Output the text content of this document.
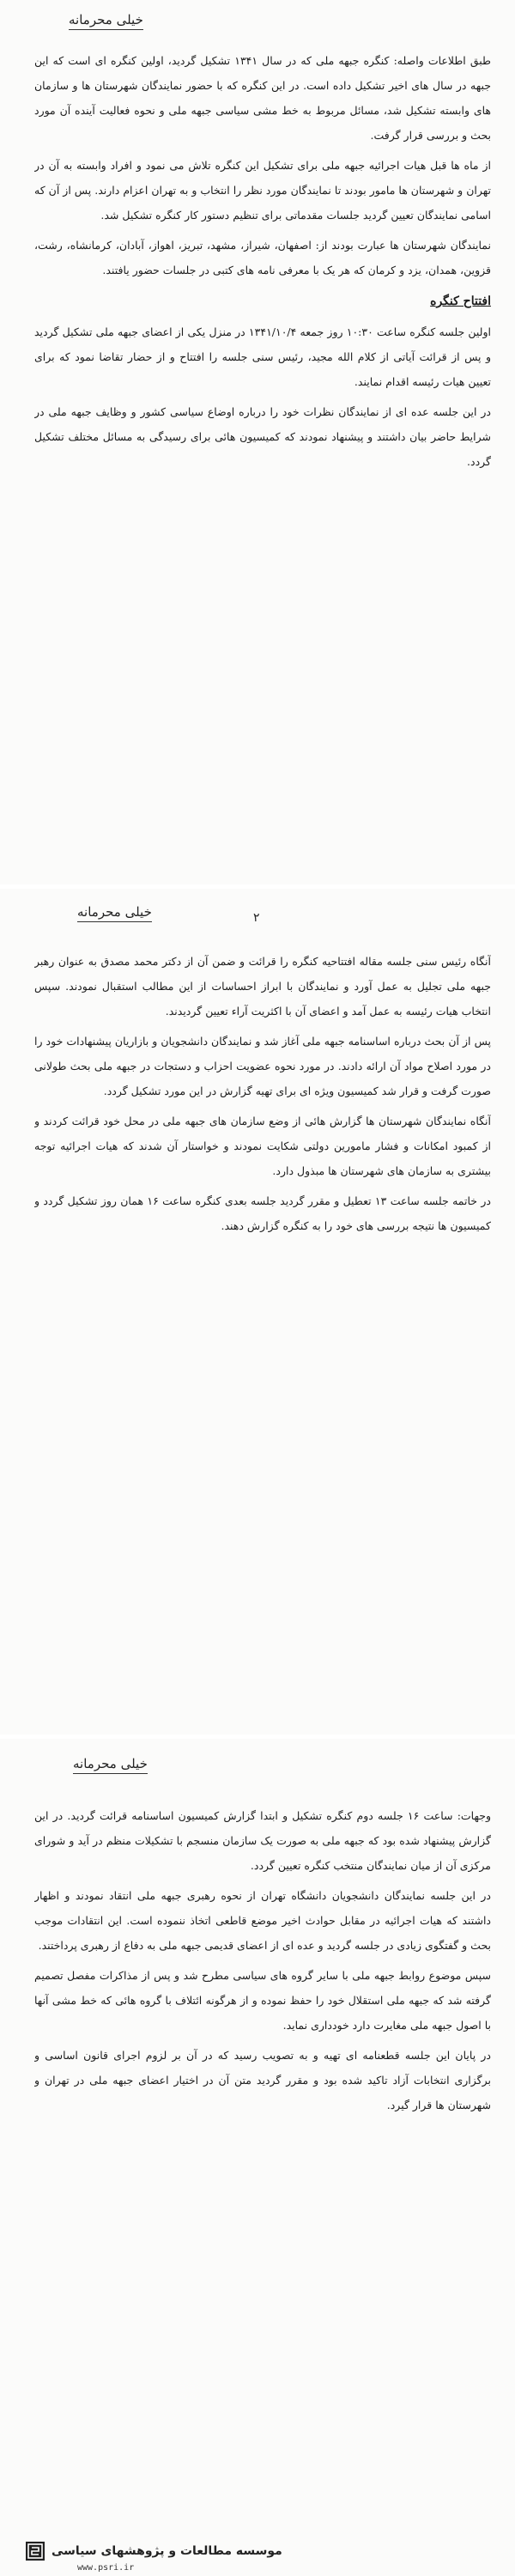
خیلی محرمانه

طبق اطلاعات واصله: کنگره جبهه ملی که در سال ۱۳۴۱ تشکیل گردید، اولین کنگره ای است که این جبهه در سال های اخیر تشکیل داده است. در این کنگره که با حضور نمایندگان شهرستان ها و سازمان های وابسته تشکیل شد، مسائل مربوط به خط مشی سیاسی جبهه ملی و نحوه فعالیت آینده آن مورد بحث و بررسی قرار گرفت.

از ماه ها قبل هیات اجرائیه جبهه ملی برای تشکیل این کنگره تلاش می نمود و افراد وابسته به آن در تهران و شهرستان ها مامور بودند تا نمایندگان مورد نظر را انتخاب و به تهران اعزام دارند. پس از آن که اسامی نمایندگان تعیین گردید جلسات مقدماتی برای تنظیم دستور کار کنگره تشکیل شد.

نمایندگان شهرستان ها عبارت بودند از: اصفهان، شیراز، مشهد، تبریز، اهواز، آبادان، کرمانشاه، رشت، قزوین، همدان، یزد و کرمان که هر یک با معرفی نامه های کتبی در جلسات حضور یافتند.

افتتاح کنگره

اولین جلسه کنگره ساعت ۱۰:۳۰ روز جمعه ۱۳۴۱/۱۰/۴ در منزل یکی از اعضای جبهه ملی تشکیل گردید و پس از قرائت آیاتی از کلام الله مجید، رئیس سنی جلسه را افتتاح و از حضار تقاضا نمود که برای تعیین هیات رئیسه اقدام نمایند.

در این جلسه عده ای از نمایندگان نظرات خود را درباره اوضاع سیاسی کشور و وظایف جبهه ملی در شرایط حاضر بیان داشتند و پیشنهاد نمودند که کمیسیون هائی برای رسیدگی به مسائل مختلف تشکیل گردد.

خیلی محرمانه	۲

آنگاه رئیس سنی جلسه مقاله افتتاحیه کنگره را قرائت و ضمن آن از دکتر محمد مصدق به عنوان رهبر جبهه ملی تجلیل به عمل آورد و نمایندگان با ابراز احساسات از این مطالب استقبال نمودند. سپس انتخاب هیات رئیسه به عمل آمد و اعضای آن با اکثریت آراء تعیین گردیدند.

پس از آن بحث درباره اساسنامه جبهه ملی آغاز شد و نمایندگان دانشجویان و بازاریان پیشنهادات خود را در مورد اصلاح مواد آن ارائه دادند. در مورد نحوه عضویت احزاب و دستجات در جبهه ملی بحث طولانی صورت گرفت و قرار شد کمیسیون ویژه ای برای تهیه گزارش در این مورد تشکیل گردد.

آنگاه نمایندگان شهرستان ها گزارش هائی از وضع سازمان های جبهه ملی در محل خود قرائت کردند و از کمبود امکانات و فشار مامورین دولتی شکایت نمودند و خواستار آن شدند که هیات اجرائیه توجه بیشتری به سازمان های شهرستان ها مبذول دارد.

در خاتمه جلسه ساعت ۱۳ تعطیل و مقرر گردید جلسه بعدی کنگره ساعت ۱۶ همان روز تشکیل گردد و کمیسیون ها نتیجه بررسی های خود را به کنگره گزارش دهند.

خیلی محرمانه

وجهات: ساعت ۱۶ جلسه دوم کنگره تشکیل و ابتدا گزارش کمیسیون اساسنامه قرائت گردید. در این گزارش پیشنهاد شده بود که جبهه ملی به صورت یک سازمان منسجم با تشکیلات منظم در آید و شورای مرکزی آن از میان نمایندگان منتخب کنگره تعیین گردد.

در این جلسه نمایندگان دانشجویان دانشگاه تهران از نحوه رهبری جبهه ملی انتقاد نمودند و اظهار داشتند که هیات اجرائیه در مقابل حوادث اخیر موضع قاطعی اتخاذ ننموده است. این انتقادات موجب بحث و گفتگوی زیادی در جلسه گردید و عده ای از اعضای قدیمی جبهه ملی به دفاع از رهبری پرداختند.

سپس موضوع روابط جبهه ملی با سایر گروه های سیاسی مطرح شد و پس از مذاکرات مفصل تصمیم گرفته شد که جبهه ملی استقلال خود را حفظ نموده و از هرگونه ائتلاف با گروه هائی که خط مشی آنها با اصول جبهه ملی مغایرت دارد خودداری نماید.

در پایان این جلسه قطعنامه ای تهیه و به تصویب رسید که در آن بر لزوم اجرای قانون اساسی و برگزاری انتخابات آزاد تاکید شده بود و مقرر گردید متن آن در اختیار اعضای جبهه ملی در تهران و شهرستان ها قرار گیرد.

موسسه مطالعات و پژوهشهای سیاسی
www.psri.ir
